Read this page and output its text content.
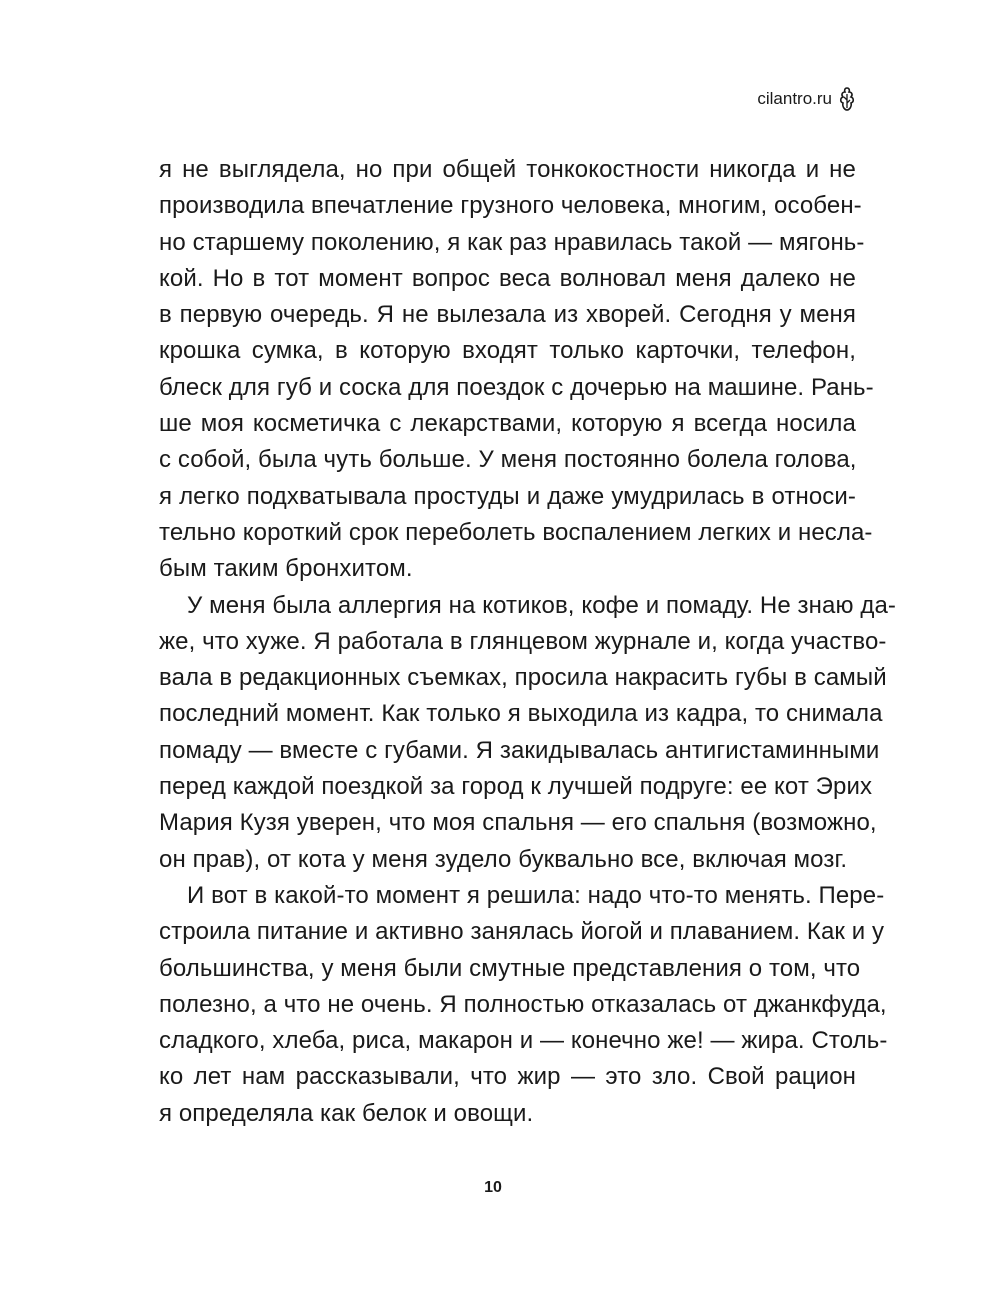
cilantro.ru
я не выглядела, но при общей тонкокостности никогда и не
производила впечатление грузного человека, многим, особен-
но старшему поколению, я как раз нравилась такой — мягонь-
кой. Но в тот момент вопрос веса волновал меня далеко не
в первую очередь. Я не вылезала из хворей. Сегодня у меня
крошка сумка, в которую входят только карточки, телефон,
блеск для губ и соска для поездок с дочерью на машине. Рань-
ше моя косметичка с лекарствами, которую я всегда носила
с собой, была чуть больше. У меня постоянно болела голова,
я легко подхватывала простуды и даже умудрилась в относи-
тельно короткий срок переболеть воспалением легких и несла-
бым таким бронхитом.
У меня была аллергия на котиков, кофе и помаду. Не знаю да-
же, что хуже. Я работала в глянцевом журнале и, когда участво-
вала в редакционных съемках, просила накрасить губы в самый
последний момент. Как только я выходила из кадра, то снимала
помаду — вместе с губами. Я закидывалась антигистаминными
перед каждой поездкой за город к лучшей подруге: ее кот Эрих
Мария Кузя уверен, что моя спальня — его спальня (возможно,
он прав), от кота у меня зудело буквально все, включая мозг.
И вот в какой-то момент я решила: надо что-то менять. Пере-
строила питание и активно занялась йогой и плаванием. Как и у
большинства, у меня были смутные представления о том, что
полезно, а что не очень. Я полностью отказалась от джанкфуда,
сладкого, хлеба, риса, макарон и — конечно же! — жира. Столь-
ко лет нам рассказывали, что жир — это зло. Свой рацион
я определяла как белок и овощи.
10
